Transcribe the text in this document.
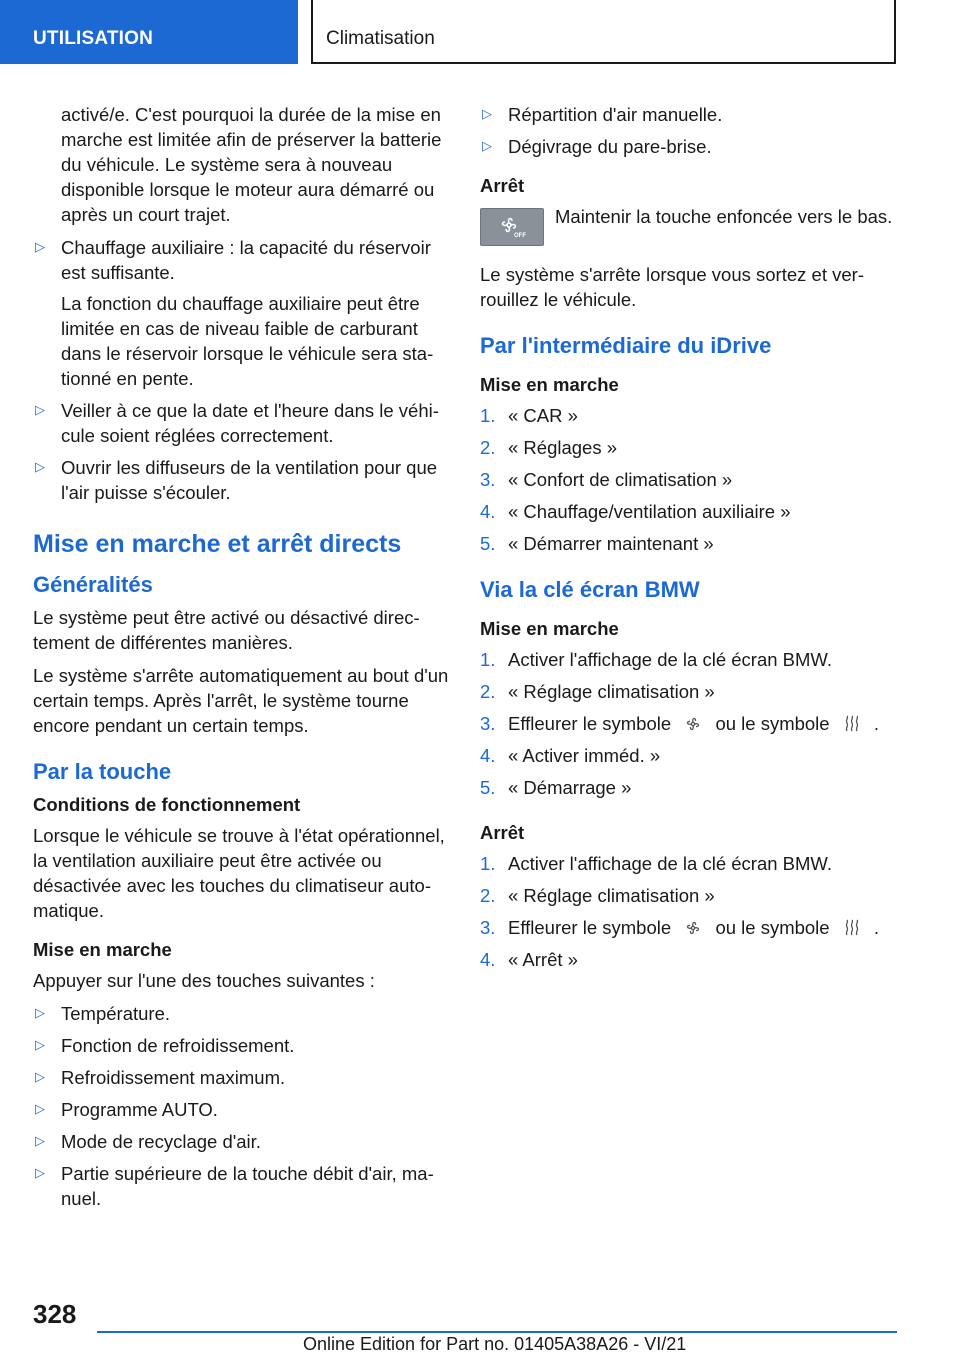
UTILISATION	Climatisation

activé/e. C'est pourquoi la durée de la mise en marche est limitée afin de préserver la batterie du véhicule. Le système sera à nouveau disponible lorsque le moteur aura démarré ou après un court trajet.

▷ Chauffage auxiliaire : la capacité du réservoir est suffisante.
La fonction du chauffage auxiliaire peut être limitée en cas de niveau faible de carburant dans le réservoir lorsque le véhicule sera stationné en pente.
▷ Veiller à ce que la date et l'heure dans le véhicule soient réglées correctement.
▷ Ouvrir les diffuseurs de la ventilation pour que l'air puisse s'écouler.
Mise en marche et arrêt directs
Généralités

Le système peut être activé ou désactivé directement de différentes manières.

Le système s'arrête automatiquement au bout d'un certain temps. Après l'arrêt, le système tourne encore pendant un certain temps.

Par la touche
Conditions de fonctionnement

Lorsque le véhicule se trouve à l'état opérationnel, la ventilation auxiliaire peut être activée ou désactivée avec les touches du climatiseur automatique.

Mise en marche

Appuyer sur l'une des touches suivantes :

▷ Température.
▷ Fonction de refroidissement.
▷ Refroidissement maximum.
▷ Programme AUTO.
▷ Mode de recyclage d'air.
▷ Partie supérieure de la touche débit d'air, manuel.
▷ Répartition d'air manuelle.
▷ Dégivrage du pare-brise.
Arrêt
OFF
Maintenir la touche enfoncée vers le bas.

Le système s'arrête lorsque vous sortez et verrouillez le véhicule.

Par l'intermédiaire du iDrive
Mise en marche
1. « CAR »
2. « Réglages »
3. « Confort de climatisation »
4. « Chauffage/ventilation auxiliaire »
5. « Démarrer maintenant »
Via la clé écran BMW
Mise en marche
1. Activer l'affichage de la clé écran BMW.
2. « Réglage climatisation »
3. Effleurer le symbole ou le symbole .
4. « Activer imméd. »
5. « Démarrage »
Arrêt
1. Activer l'affichage de la clé écran BMW.
2. « Réglage climatisation »
3. Effleurer le symbole ou le symbole .
4. « Arrêt »
328
Online Edition for Part no. 01405A38A26 - VI/21
